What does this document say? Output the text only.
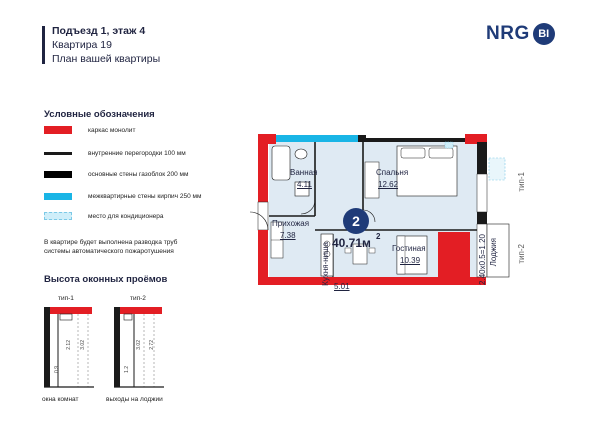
Подъезд 1, этаж 4
Квартира 19
План вашей квартиры
NRG BI
Условные обозначения
каркас монолит
внутренние перегородки 100 мм
основные стены газоблок 200 мм
межквартирные стены кирпич 250 мм
место для кондиционера
В квартире будет выполнена разводка труб
системы автоматического пожаротушения
Высота оконных проёмов
тип-1	тип-2
0.9
2.12 3.02
1.2
3.02 2.72
окна комнат	выходы на лоджии
Ванная
4.11
Спальня
12.62
Прихожая
7.38
Гостиная
10.39
Кухня-ниша
5.01
2
40.71м 2
Лоджия
2.40х0.5=1.20
тип-1
тип-2
